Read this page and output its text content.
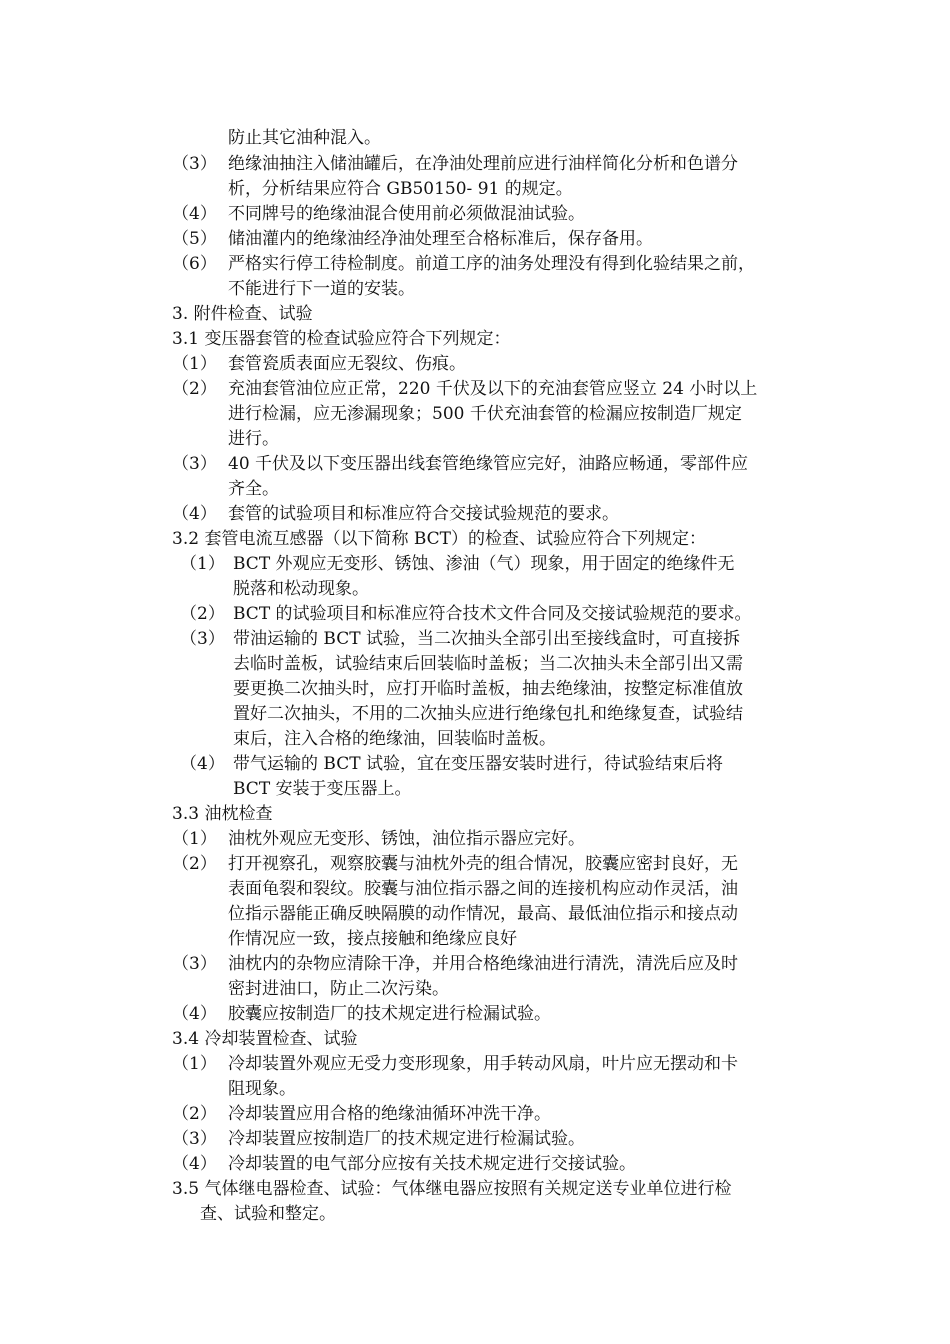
防止其它油种混入。
（3） 绝缘油抽注入储油罐后，在净油处理前应进行油样简化分析和色谱分
析，分析结果应符合 GB50150- 91 的规定。
（4） 不同牌号的绝缘油混合使用前必须做混油试验。
（5） 储油灌内的绝缘油经净油处理至合格标准后，保存备用。
（6） 严格实行停工待检制度。前道工序的油务处理没有得到化验结果之前，
不能进行下一道的安装。
3. 附件检查、试验
3.1 变压器套管的检查试验应符合下列规定：
（1） 套管瓷质表面应无裂纹、伤痕。
（2） 充油套管油位应正常，220 千伏及以下的充油套管应竖立 24 小时以上
进行检漏，应无渗漏现象；500 千伏充油套管的检漏应按制造厂规定
进行。
（3） 40 千伏及以下变压器出线套管绝缘管应完好，油路应畅通，零部件应
齐全。
（4） 套管的试验项目和标准应符合交接试验规范的要求。
3.2 套管电流互感器（以下简称 BCT）的检查、试验应符合下列规定：
（1） BCT 外观应无变形、锈蚀、渗油（气）现象，用于固定的绝缘件无
脱落和松动现象。
（2） BCT 的试验项目和标准应符合技术文件合同及交接试验规范的要求。
（3） 带油运输的 BCT 试验，当二次抽头全部引出至接线盒时，可直接拆
去临时盖板，试验结束后回装临时盖板；当二次抽头未全部引出又需
要更换二次抽头时，应打开临时盖板，抽去绝缘油，按整定标准值放
置好二次抽头，不用的二次抽头应进行绝缘包扎和绝缘复查，试验结
束后，注入合格的绝缘油，回装临时盖板。
（4） 带气运输的 BCT 试验，宜在变压器安装时进行，待试验结束后将
BCT 安装于变压器上。
3.3 油枕检查
（1） 油枕外观应无变形、锈蚀，油位指示器应完好。
（2） 打开视察孔，观察胶囊与油枕外壳的组合情况，胶囊应密封良好，无
表面龟裂和裂纹。胶囊与油位指示器之间的连接机构应动作灵活，油
位指示器能正确反映隔膜的动作情况，最高、最低油位指示和接点动
作情况应一致，接点接触和绝缘应良好
（3） 油枕内的杂物应清除干净，并用合格绝缘油进行清洗，清洗后应及时
密封进油口，防止二次污染。
（4） 胶囊应按制造厂的技术规定进行检漏试验。
3.4 冷却装置检查、试验
（1） 冷却装置外观应无受力变形现象，用手转动风扇，叶片应无摆动和卡
阻现象。
（2） 冷却装置应用合格的绝缘油循环冲洗干净。
（3） 冷却装置应按制造厂的技术规定进行检漏试验。
（4） 冷却装置的电气部分应按有关技术规定进行交接试验。
3.5 气体继电器检查、试验：气体继电器应按照有关规定送专业单位进行检
查、试验和整定。
